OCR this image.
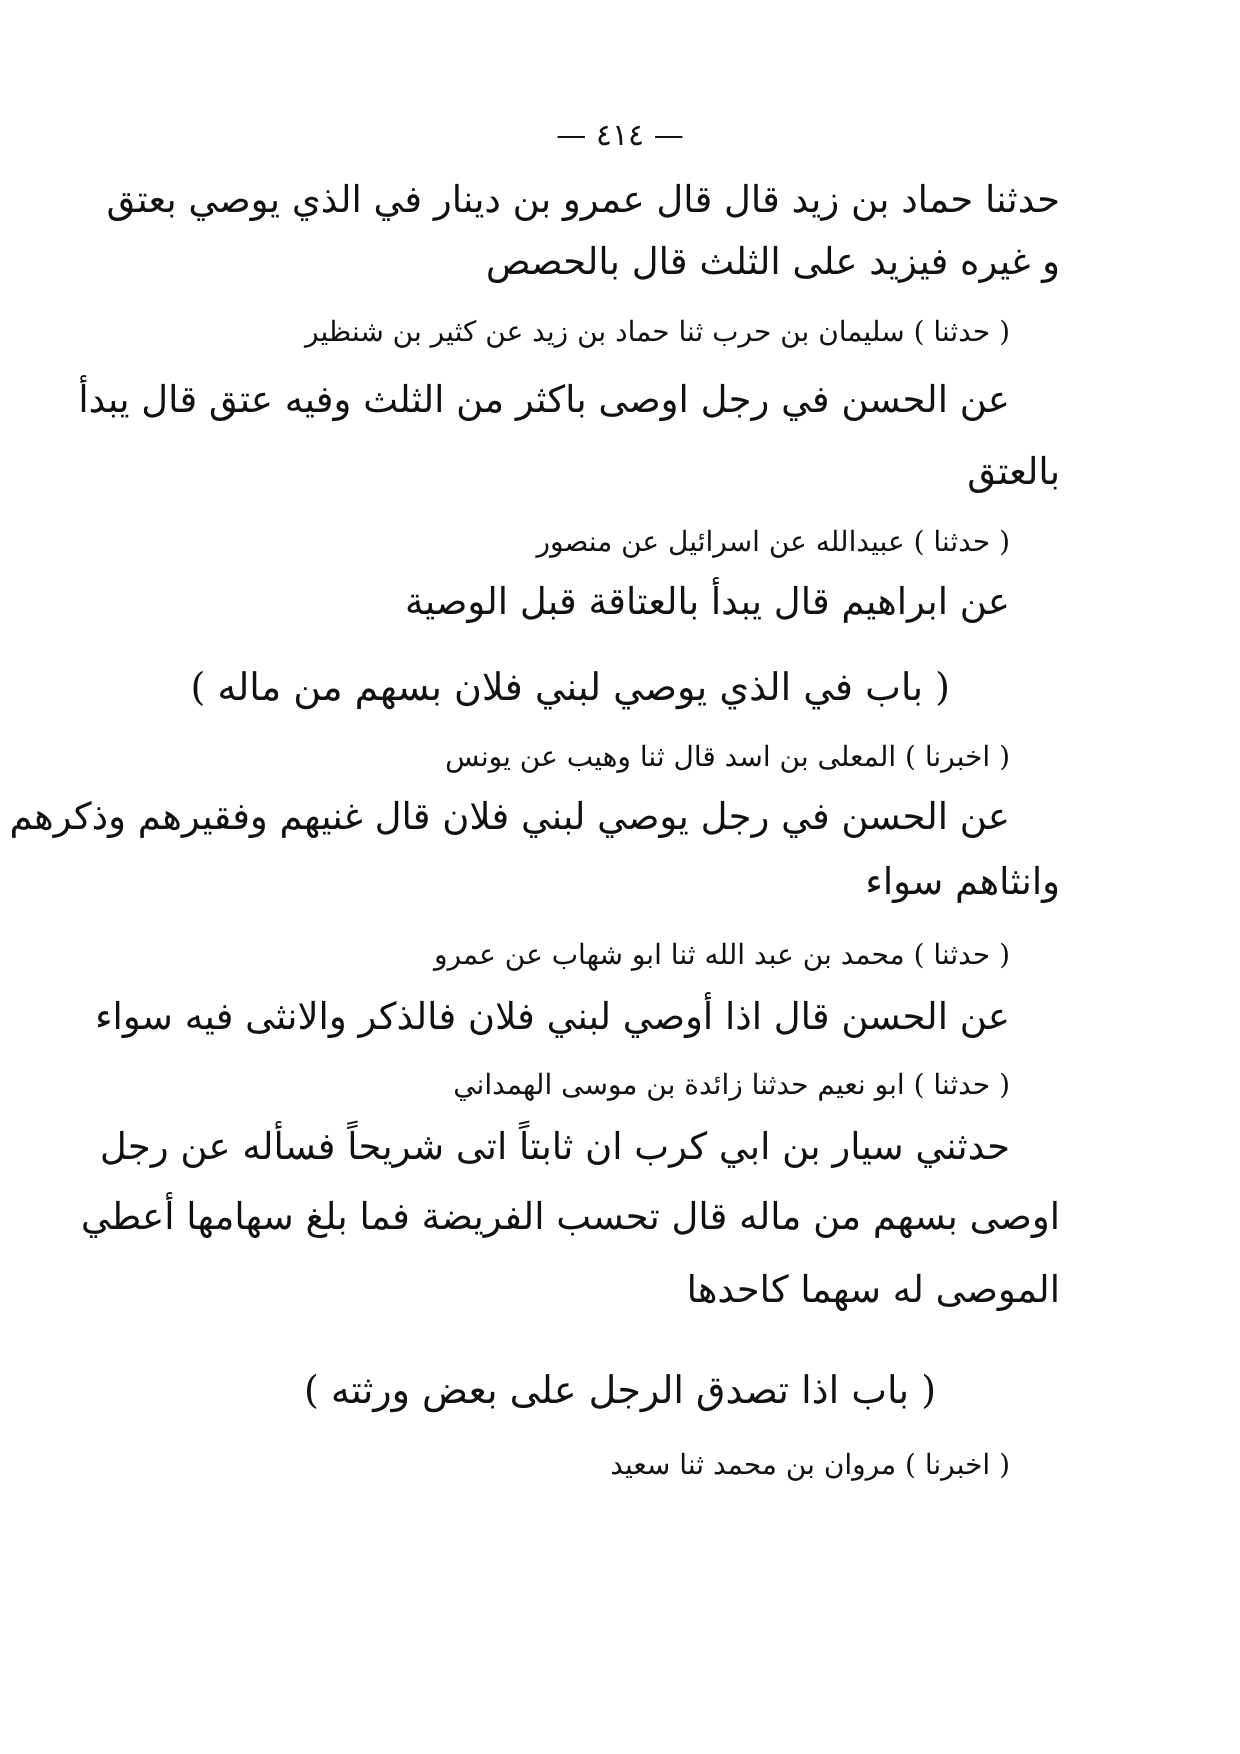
— ٤١٤ —
حدثنا حماد بن زيد قال قال عمرو بن دينار في الذي يوصي بعتق
و غيره فيزيد على الثلث قال بالحصص
( حدثنا ) سليمان بن حرب ثنا حماد بن زيد عن كثير بن شنظير
عن الحسن في رجل اوصى باكثر من الثلث وفيه عتق قال يبدأ
بالعتق
( حدثنا ) عبيدالله عن اسرائيل عن منصور
عن ابراهيم قال يبدأ بالعتاقة قبل الوصية
( باب في الذي يوصي لبني فلان بسهم من ماله )
( اخبرنا ) المعلى بن اسد قال ثنا وهيب عن يونس
عن الحسن في رجل يوصي لبني فلان قال غنيهم وفقيرهم وذكرهم
وانثاهم سواء
( حدثنا ) محمد بن عبد الله ثنا ابو شهاب عن عمرو
عن الحسن قال اذا أوصي لبني فلان فالذكر والانثى فيه سواء
( حدثنا ) ابو نعيم حدثنا زائدة بن موسى الهمداني
حدثني سيار بن ابي كرب ان ثابتاً اتى شريحاً فسأله عن رجل
اوصى بسهم من ماله قال تحسب الفريضة فما بلغ سهامها أعطي
الموصى له سهما كاحدها
( باب اذا تصدق الرجل على بعض ورثته )
( اخبرنا ) مروان بن محمد ثنا سعيد
